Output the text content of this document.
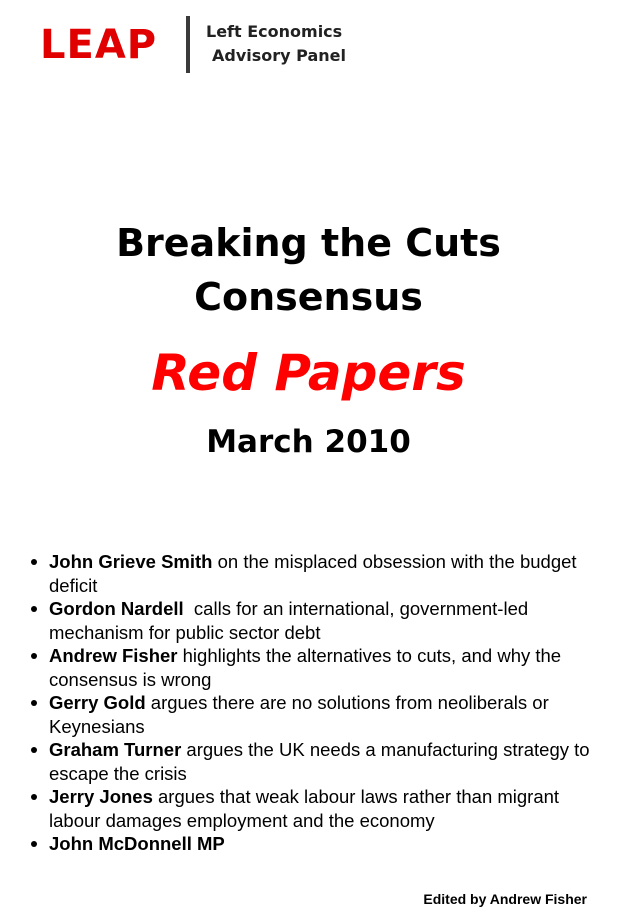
LEAP	Left Economics
Advisory Panel
Breaking the Cuts
Consensus
Red Papers
March 2010
John Grieve Smith on the misplaced obsession with the budget deficit
Gordon Nardell  calls for an international, government-led mechanism for public sector debt
Andrew Fisher highlights the alternatives to cuts, and why the consensus is wrong
Gerry Gold argues there are no solutions from neoliberals or Keynesians
Graham Turner argues the UK needs a manufacturing strategy to escape the crisis
Jerry Jones argues that weak labour laws rather than migrant labour damages employment and the economy
John McDonnell MP
Edited by Andrew Fisher
